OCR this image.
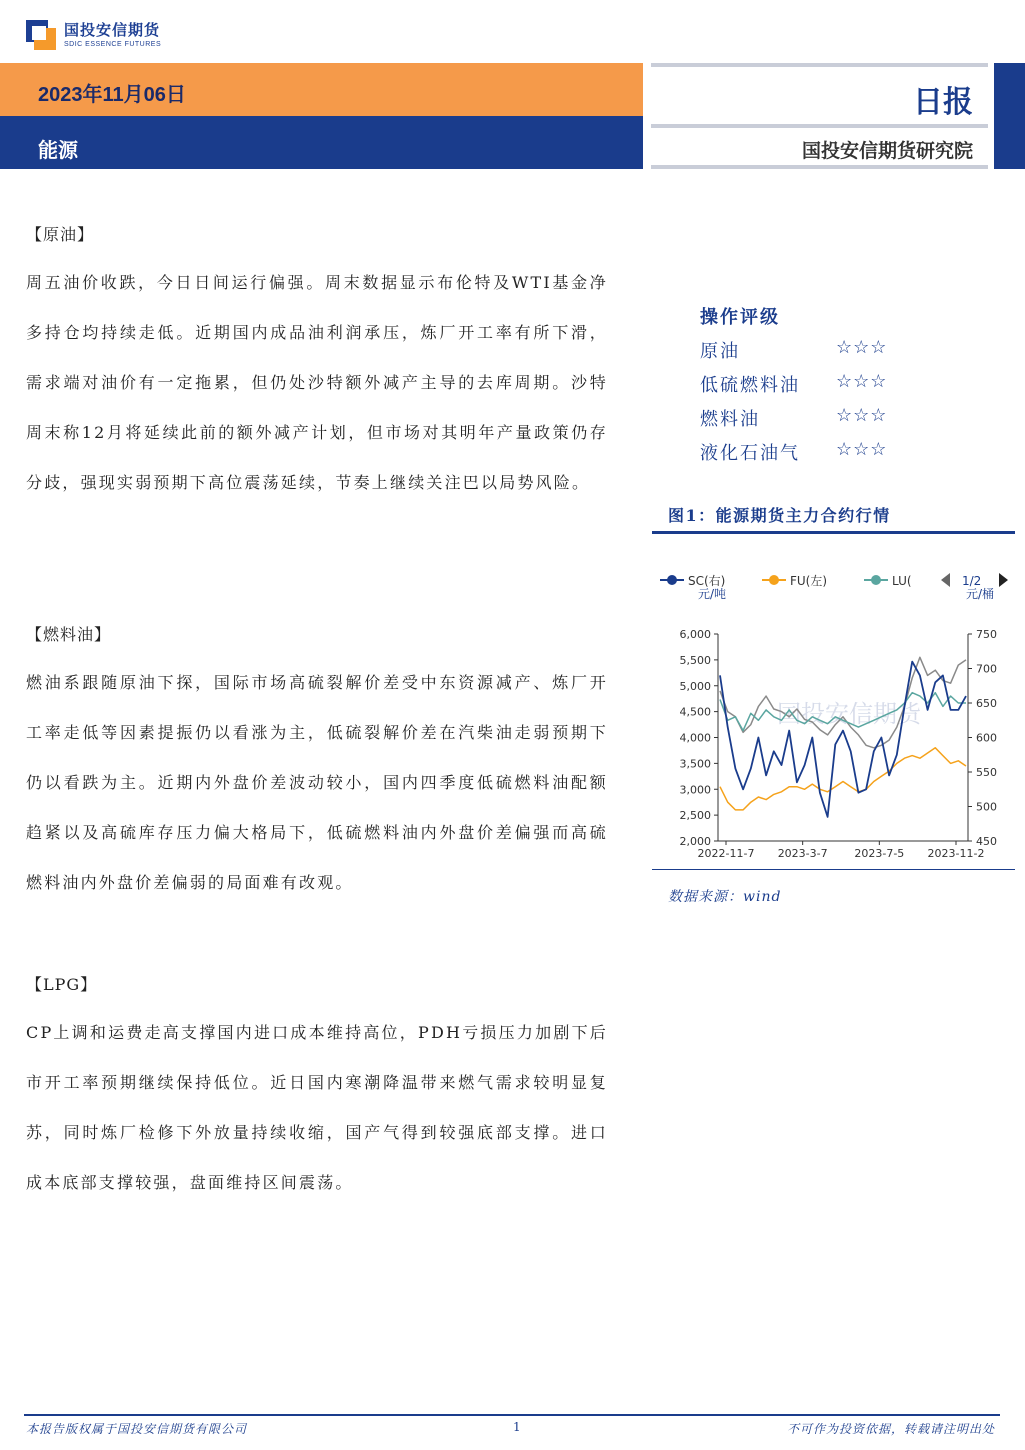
国投安信期货
SDIC ESSENCE FUTURES
2023年11月06日
能源
日报
国投安信期货研究院
【原油】
周五油价收跌，今日日间运行偏强。周末数据显示布伦特及WTI基金净多持仓均持续走低。近期国内成品油利润承压，炼厂开工率有所下滑，需求端对油价有一定拖累，但仍处沙特额外减产主导的去库周期。沙特周末称12月将延续此前的额外减产计划，但市场对其明年产量政策仍存分歧，强现实弱预期下高位震荡延续，节奏上继续关注巴以局势风险。
【燃料油】
燃油系跟随原油下探，国际市场高硫裂解价差受中东资源减产、炼厂开工率走低等因素提振仍以看涨为主，低硫裂解价差在汽柴油走弱预期下仍以看跌为主。近期内外盘价差波动较小，国内四季度低硫燃料油配额趋紧以及高硫库存压力偏大格局下，低硫燃料油内外盘价差偏强而高硫燃料油内外盘价差偏弱的局面难有改观。
【LPG】
CP上调和运费走高支撑国内进口成本维持高位，PDH亏损压力加剧下后市开工率预期继续保持低位。近日国内寒潮降温带来燃气需求较明显复苏，同时炼厂检修下外放量持续收缩，国产气得到较强底部支撑。进口成本底部支撑较强，盘面维持区间震荡。
操作评级
原油	☆☆☆
低硫燃料油 ☆☆☆
燃料油	☆☆☆
液化石油气 ☆☆☆
图1：能源期货主力合约行情
SC(右)	FU(左)	LU(	1/2
元/吨	元/桶
国投安信期货
2,000
2,500
3,000
3,500
4,000
4,500
5,000
5,500
6,000
450
500
550
600
650
700
750
2022-11-7 2023-3-7 2023-7-5 2023-11-2
数据来源：wind
本报告版权属于国投安信期货有限公司	1	不可作为投资依据，转载请注明出处
